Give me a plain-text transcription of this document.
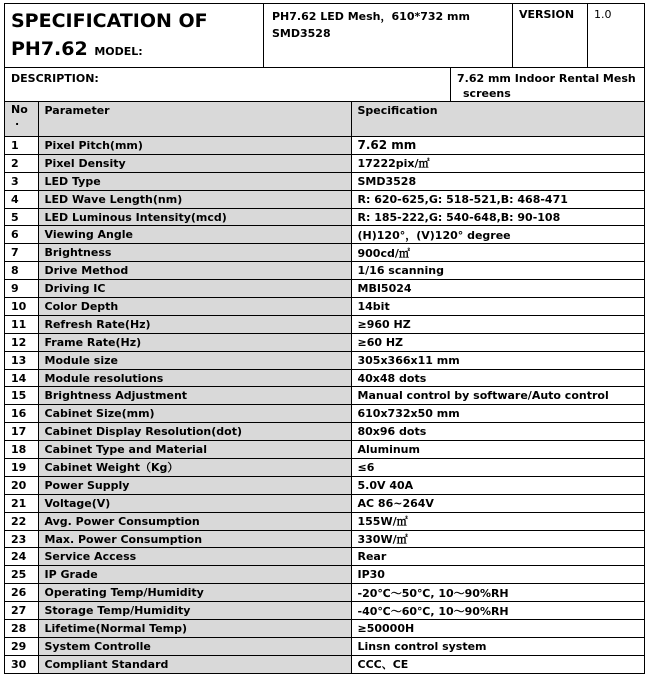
SPECIFICATION OF
PH7.62 MODEL:
PH7.62 LED Mesh，610*732 mm
SMD3528
VERSION	1.0
DESCRIPTION:	7.62 mm Indoor Rental Mesh
screens
No
.	Parameter	Specification
1	Pixel Pitch(mm)	7.62 mm
2	Pixel Density	17222pix/㎡
3	LED Type	SMD3528
4	LED Wave Length(nm)	R: 620-625,G: 518-521,B: 468-471
5	LED Luminous Intensity(mcd)	R: 185-222,G: 540-648,B: 90-108
6	Viewing Angle	(H)120°，(V)120° degree
7	Brightness	900cd/㎡
8	Drive Method	1/16 scanning
9	Driving IC	MBI5024
10	Color Depth	14bit
11	Refresh Rate(Hz)	≥960 HZ
12	Frame Rate(Hz)	≥60 HZ
13	Module size	305x366x11 mm
14	Module resolutions	40x48 dots
15	Brightness Adjustment	Manual control by software/Auto control
16	Cabinet Size(mm)	610x732x50 mm
17	Cabinet Display Resolution(dot)	80x96 dots
18	Cabinet Type and Material	Aluminum
19	Cabinet Weight（Kg）	≤6
20	Power Supply	5.0V 40A
21	Voltage(V)	AC 86~264V
22	Avg. Power Consumption	155W/㎡
23	Max. Power Consumption	330W/㎡
24	Service Access	Rear
25	IP Grade	IP30
26	Operating Temp/Humidity	-20℃～50℃, 10～90%RH
27	Storage Temp/Humidity	-40℃～60℃, 10～90%RH
28	Lifetime(Normal Temp)	≥50000H
29	System Controlle	Linsn control system
30	Compliant Standard	CCC、CE
